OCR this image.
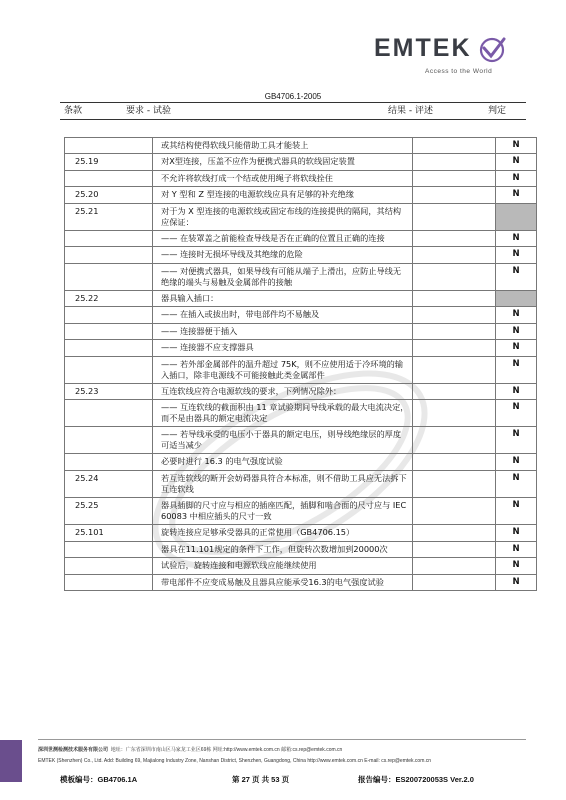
EMTEK
Access to the World
GB4706.1-2005
条款	要求 - 试验	结果 - 评述	判定
	或其结构使得软线只能借助工具才能装上		N
25.19	对X型连接，压盖不应作为便携式器具的软线固定装置		N
	不允许将软线打成一个结或使用绳子将软线拴住		N
25.20	对 Y 型和 Z 型连接的电源软线应具有足够的补充绝缘		N
25.21	对于为 X 型连接的电源软线或固定布线的连接提供的隔间，其结构应保证：		
	—— 在装罩盖之前能检查导线是否在正确的位置且正确的连接		N
	—— 连接时无损坏导线及其绝缘的危险		N
	—— 对便携式器具，如果导线有可能从端子上滑出，应防止导线无绝缘的端头与易触及金属部件的接触		N
25.22	器具输入插口：		
	—— 在插入或拔出时，带电部件均不易触及		N
	—— 连接器便于插入		N
	—— 连接器不应支撑器具		N
	—— 若外部金属部件的温升超过 75K，则不应使用适于冷环境的输入插口，除非电源线不可能接触此类金属部件		N
25.23	互连软线应符合电源软线的要求，下列情况除外：		N
	—— 互连软线的截面积由 11 章试验期间导线承载的最大电流决定，而不是由器具的额定电流决定		N
	—— 若导线承受的电压小于器具的额定电压，则导线绝缘层的厚度可适当减少		N
	必要时进行 16.3 的电气强度试验		N
25.24	若互连软线的断开会妨碍器具符合本标准，则不借助工具应无法拆下互连软线		N
25.25	器具插脚的尺寸应与相应的插座匹配，插脚和啮合面的尺寸应与 IEC 60083 中相应插头的尺寸一致		N
25.101	旋转连接应足够承受器具的正常使用（GB4706.15）		N
	器具在11.101规定的条件下工作，但旋转次数增加到20000次		N
	试验后，旋转连接和电源软线应能继续使用		N
	带电部件不应变成易触及且器具应能承受16.3的电气强度试验		N
深圳世测检测技术服务有限公司 地址：广东省深圳市南山区马家龙工业区69栋 网址:http://www.emtek.com.cn 邮箱:cs.rep@emtek.com.cn
EMTEK (Shenzhen) Co., Ltd. Add: Building 69, Majialong Industry Zone, Nanshan District, Shenzhen, Guangdong, China http://www.emtek.com.cn E-mail: cs.rep@emtek.com.cn
模板编号：GB4706.1A	第 27 页 共 53 页	报告编号：ES200720053S Ver.2.0
